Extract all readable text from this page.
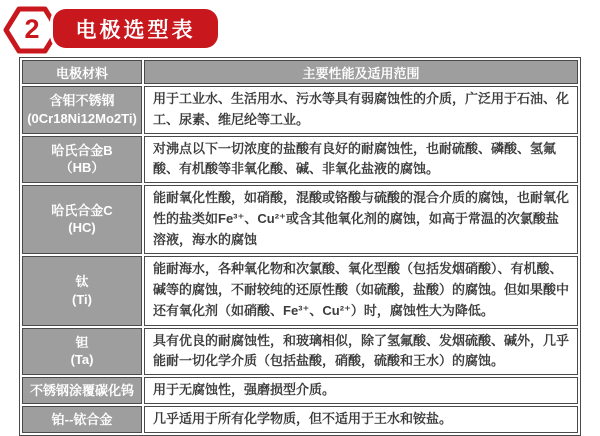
2	电极选型表
电极材料	主要性能及适用范围

含钼不锈钢
(0Cr18Ni12Mo2Ti)	用于工业水、生活用水、污水等具有弱腐蚀性的介质，广泛用于石油、化工、尿素、维尼纶等工业。

哈氏合金B
（HB）	对沸点以下一切浓度的盐酸有良好的耐腐蚀性，也耐硫酸、磷酸、氢氟酸、有机酸等非氧化酸、碱、非氧化盐液的腐蚀。

哈氏合金C
(HC)	能耐氧化性酸，如硝酸，混酸或铬酸与硫酸的混合介质的腐蚀，也耐氧化性的盐类如Fe³⁺、Cu²⁺或含其他氧化剂的腐蚀，如高于常温的次氯酸盐溶液，海水的腐蚀

钛
(Ti)	能耐海水，各种氧化物和次氯酸、氧化型酸（包括发烟硝酸）、有机酸、碱等的腐蚀，不耐较纯的还原性酸（如硫酸，盐酸）的腐蚀。但如果酸中还有氧化剂（如硝酸、Fe³⁺、Cu²⁺）时，腐蚀性大为降低。

钽
(Ta)	具有优良的耐腐蚀性，和玻璃相似，除了氢氟酸、发烟硫酸、碱外，几乎能耐一切化学介质（包括盐酸，硝酸，硫酸和王水）的腐蚀。
不锈钢涂覆碳化钨	用于无腐蚀性，强磨损型介质。
铂--铱合金	几乎适用于所有化学物质，但不适用于王水和铵盐。
